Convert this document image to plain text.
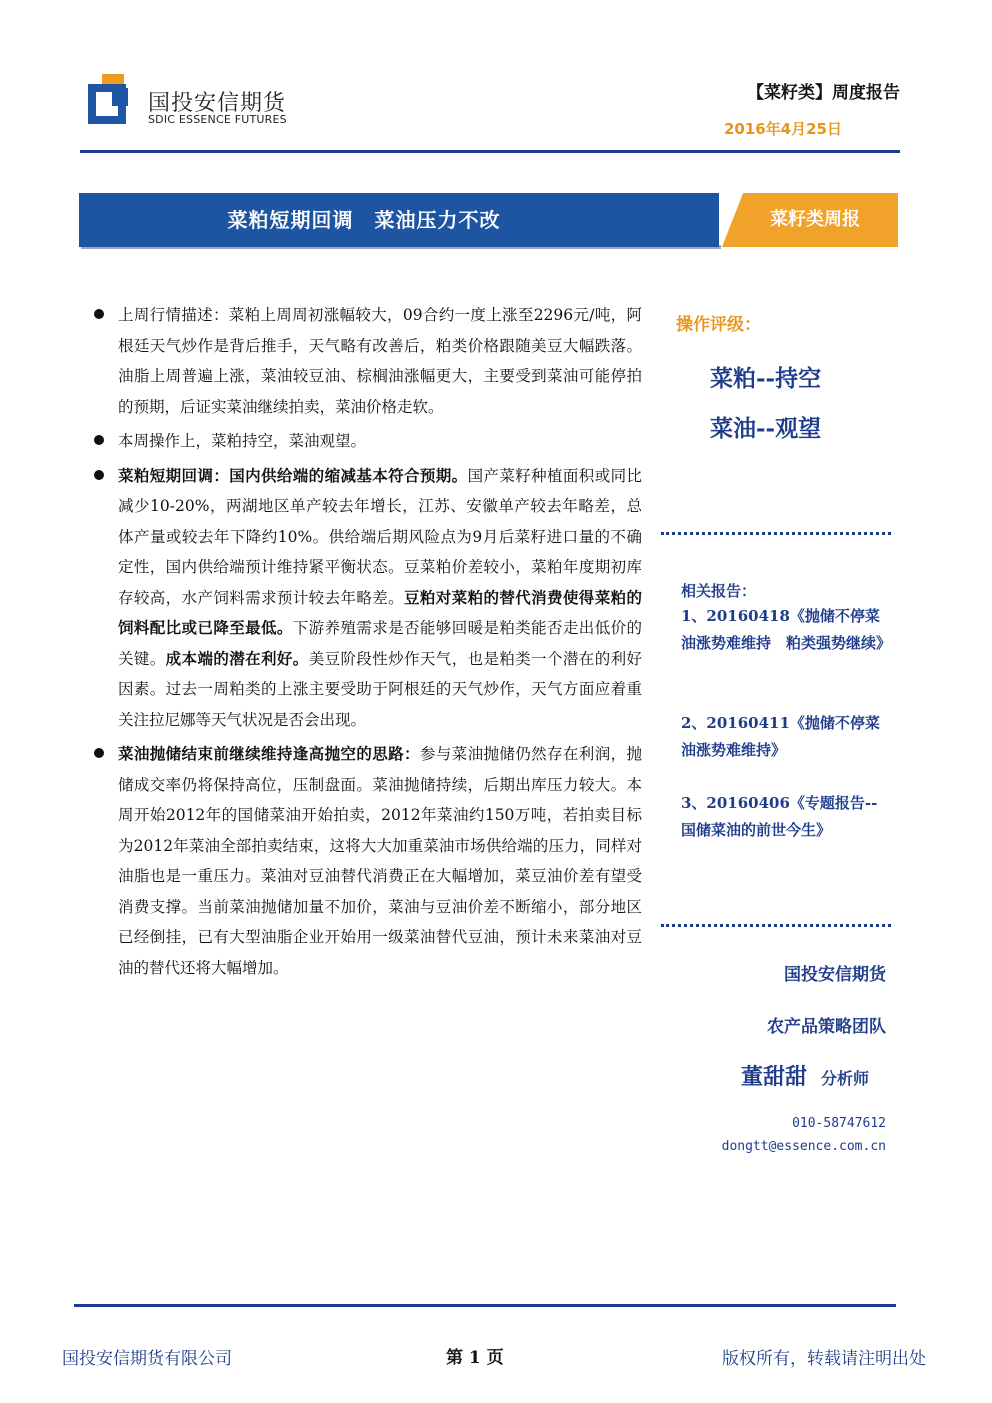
国投安信期货
SDIC ESSENCE FUTURES
【菜籽类】周度报告
2016年4月25日
菜粕短期回调　菜油压力不改	菜籽类周报
上周行情描述：菜粕上周周初涨幅较大，09合约一度上涨至2296元/吨，阿根廷天气炒作是背后推手，天气略有改善后，粕类价格跟随美豆大幅跌落。油脂上周普遍上涨，菜油较豆油、棕榈油涨幅更大，主要受到菜油可能停拍的预期，后证实菜油继续拍卖，菜油价格走软。
本周操作上，菜粕持空，菜油观望。
菜粕短期回调：国内供给端的缩减基本符合预期。国产菜籽种植面积或同比减少10-20%，两湖地区单产较去年增长，江苏、安徽单产较去年略差，总体产量或较去年下降约10%。供给端后期风险点为9月后菜籽进口量的不确定性，国内供给端预计维持紧平衡状态。豆菜粕价差较小，菜粕年度期初库存较高，水产饲料需求预计较去年略差。豆粕对菜粕的替代消费使得菜粕的饲料配比或已降至最低。下游养殖需求是否能够回暖是粕类能否走出低价的关键。成本端的潜在利好。美豆阶段性炒作天气，也是粕类一个潜在的利好因素。过去一周粕类的上涨主要受助于阿根廷的天气炒作，天气方面应着重关注拉尼娜等天气状况是否会出现。
菜油抛储结束前继续维持逢高抛空的思路：参与菜油抛储仍然存在利润，抛储成交率仍将保持高位，压制盘面。菜油抛储持续，后期出库压力较大。本周开始2012年的国储菜油开始拍卖，2012年菜油约150万吨，若拍卖目标为2012年菜油全部拍卖结束，这将大大加重菜油市场供给端的压力，同样对油脂也是一重压力。菜油对豆油替代消费正在大幅增加，菜豆油价差有望受消费支撑。当前菜油抛储加量不加价，菜油与豆油价差不断缩小，部分地区已经倒挂，已有大型油脂企业开始用一级菜油替代豆油，预计未来菜油对豆油的替代还将大幅增加。
操作评级：
菜粕--持空
菜油--观望
相关报告：
1、20160418《抛储不停菜油涨势难维持　粕类强势继续》
2、20160411《抛储不停菜油涨势难维持》
3、20160406《专题报告--国储菜油的前世今生》
国投安信期货
农产品策略团队
董甜甜 分析师
010-58747612
dongtt@essence.com.cn
国投安信期货有限公司	第 1 页	版权所有，转载请注明出处
